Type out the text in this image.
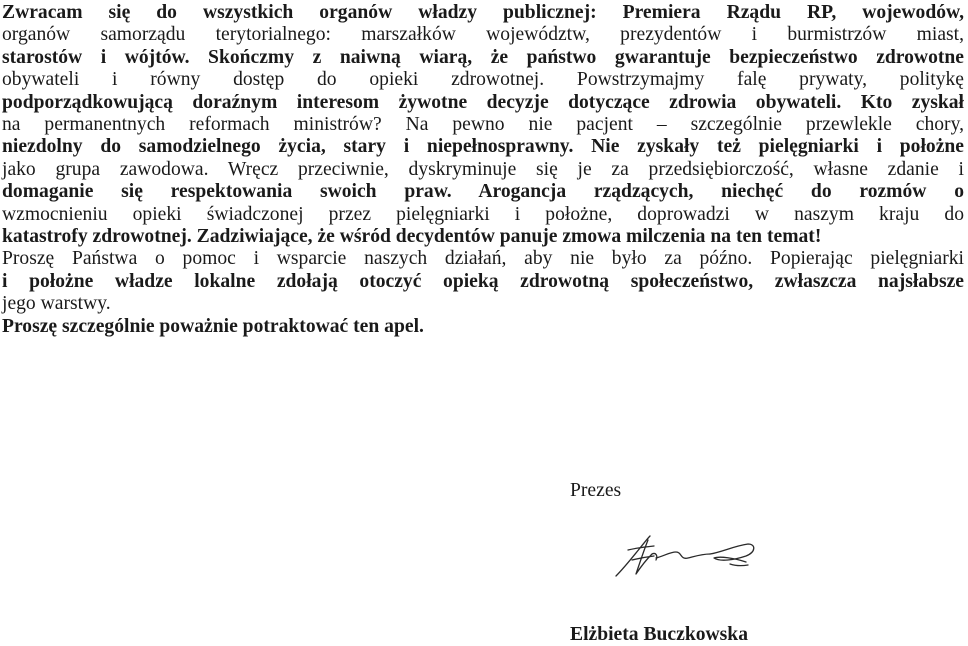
Zwracam się do wszystkich organów władzy publicznej: Premiera Rządu RP, wojewodów,
organów samorządu terytorialnego: marszałków województw, prezydentów i burmistrzów miast,
starostów i wójtów. Skończmy z naiwną wiarą, że państwo gwarantuje bezpieczeństwo zdrowotne
obywateli i równy dostęp do opieki zdrowotnej. Powstrzymajmy falę prywaty, politykę
podporządkowującą doraźnym interesom żywotne decyzje dotyczące zdrowia obywateli. Kto zyskał
na permanentnych reformach ministrów? Na pewno nie pacjent – szczególnie przewlekle chory,
niezdolny do samodzielnego życia, stary i niepełnosprawny. Nie zyskały też pielęgniarki i położne
jako grupa zawodowa. Wręcz przeciwnie, dyskryminuje się je za przedsiębiorczość, własne zdanie i
domaganie się respektowania swoich praw. Arogancja rządzących, niechęć do rozmów o
wzmocnieniu opieki świadczonej przez pielęgniarki i położne, doprowadzi w naszym kraju do
katastrofy zdrowotnej. Zadziwiające, że wśród decydentów panuje zmowa milczenia na ten temat!
Proszę Państwa o pomoc i wsparcie naszych działań, aby nie było za późno. Popierając pielęgniarki
i położne władze lokalne zdołają otoczyć opieką zdrowotną społeczeństwo, zwłaszcza najsłabsze
jego warstwy.
Proszę szczególnie poważnie potraktować ten apel.
Prezes
Elżbieta Buczkowska
